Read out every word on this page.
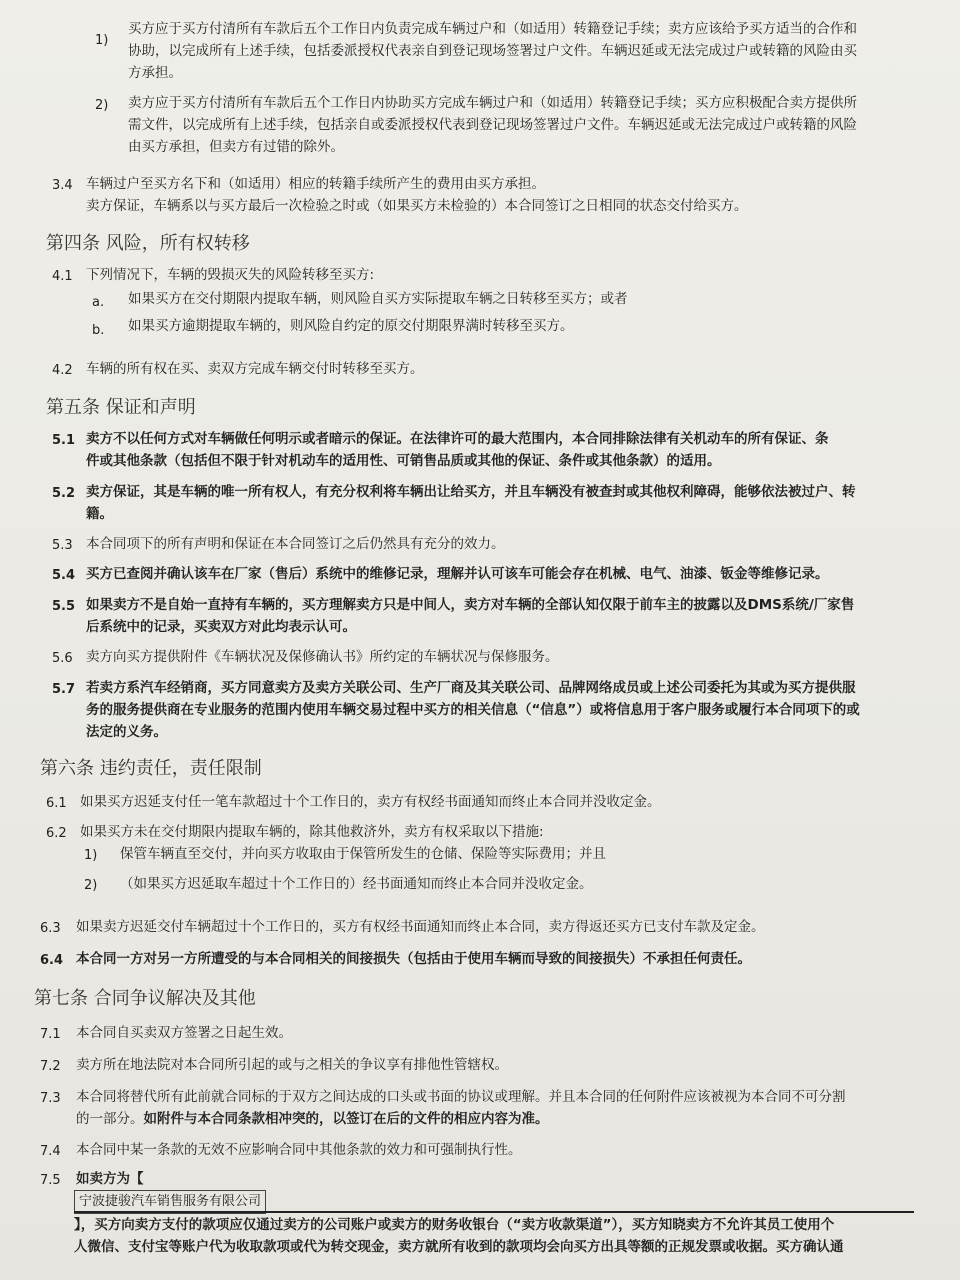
1)
买方应于买方付清所有车款后五个工作日内负责完成车辆过户和（如适用）转籍登记手续；卖方应该给予买方适当的合作和
协助，以完成所有上述手续，包括委派授权代表亲自到登记现场签署过户文件。车辆迟延或无法完成过户或转籍的风险由买
方承担。
2) 卖方应于买方付清所有车款后五个工作日内协助买方完成车辆过户和（如适用）转籍登记手续；买方应积极配合卖方提供所
需文件，以完成所有上述手续，包括亲自或委派授权代表到登记现场签署过户文件。车辆迟延或无法完成过户或转籍的风险
由买方承担，但卖方有过错的除外。
3.4 车辆过户至买方名下和（如适用）相应的转籍手续所产生的费用由买方承担。
卖方保证，车辆系以与买方最后一次检验之时或（如果买方未检验的）本合同签订之日相同的状态交付给买方。
第四条 风险，所有权转移
4.1 下列情况下，车辆的毁损灭失的风险转移至买方:
a. 如果买方在交付期限内提取车辆，则风险自买方实际提取车辆之日转移至买方；或者
b. 如果买方逾期提取车辆的，则风险自约定的原交付期限界满时转移至买方。
4.2 车辆的所有权在买、卖双方完成车辆交付时转移至买方。
第五条 保证和声明
5.1 卖方不以任何方式对车辆做任何明示或者暗示的保证。在法律许可的最大范围内，本合同排除法律有关机动车的所有保证、条
件或其他条款（包括但不限于针对机动车的适用性、可销售品质或其他的保证、条件或其他条款）的适用。
5.2 卖方保证，其是车辆的唯一所有权人，有充分权利将车辆出让给买方，并且车辆没有被查封或其他权利障碍，能够依法被过户、转
籍。
5.3 本合同项下的所有声明和保证在本合同签订之后仍然具有充分的效力。
5.4 买方已查阅并确认该车在厂家（售后）系统中的维修记录，理解并认可该车可能会存在机械、电气、油漆、钣金等维修记录。
5.5 如果卖方不是自始一直持有车辆的，买方理解卖方只是中间人，卖方对车辆的全部认知仅限于前车主的披露以及DMS系统/厂家售
后系统中的记录，买卖双方对此均表示认可。
5.6 卖方向买方提供附件《车辆状况及保修确认书》所约定的车辆状况与保修服务。
5.7 若卖方系汽车经销商，买方同意卖方及卖方关联公司、生产厂商及其关联公司、品牌网络成员或上述公司委托为其或为买方提供服
务的服务提供商在专业服务的范围内使用车辆交易过程中买方的相关信息（“信息”）或将信息用于客户服务或履行本合同项下的或
法定的义务。
第六条 违约责任，责任限制
6.1 如果买方迟延支付任一笔车款超过十个工作日的，卖方有权经书面通知而终止本合同并没收定金。
6.2 如果买方未在交付期限内提取车辆的，除其他救济外，卖方有权采取以下措施:
1) 保管车辆直至交付，并向买方收取由于保管所发生的仓储、保险等实际费用；并且
2) （如果买方迟延取车超过十个工作日的）经书面通知而终止本合同并没收定金。
6.3 如果卖方迟延交付车辆超过十个工作日的，买方有权经书面通知而终止本合同，卖方得返还买方已支付车款及定金。
6.4 本合同一方对另一方所遭受的与本合同相关的间接损失（包括由于使用车辆而导致的间接损失）不承担任何责任。
第七条 合同争议解决及其他
7.1 本合同自买卖双方签署之日起生效。
7.2 卖方所在地法院对本合同所引起的或与之相关的争议享有排他性管辖权。
7.3 本合同将替代所有此前就合同标的于双方之间达成的口头或书面的协议或理解。并且本合同的任何附件应该被视为本合同不可分割
的一部分。如附件与本合同条款相冲突的，以签订在后的文件的相应内容为准。
7.4 本合同中某一条款的无效不应影响合同中其他条款的效力和可强制执行性。
7.5 如卖方为【
宁波捷骏汽车销售服务有限公司
】，买方向卖方支付的款项应仅通过卖方的公司账户或卖方的财务收银台（“卖方收款渠道”），买方知晓卖方不允许其员工使用个
人微信、支付宝等账户代为收取款项或代为转交现金，卖方就所有收到的款项均会向买方出具等额的正规发票或收据。买方确认通
